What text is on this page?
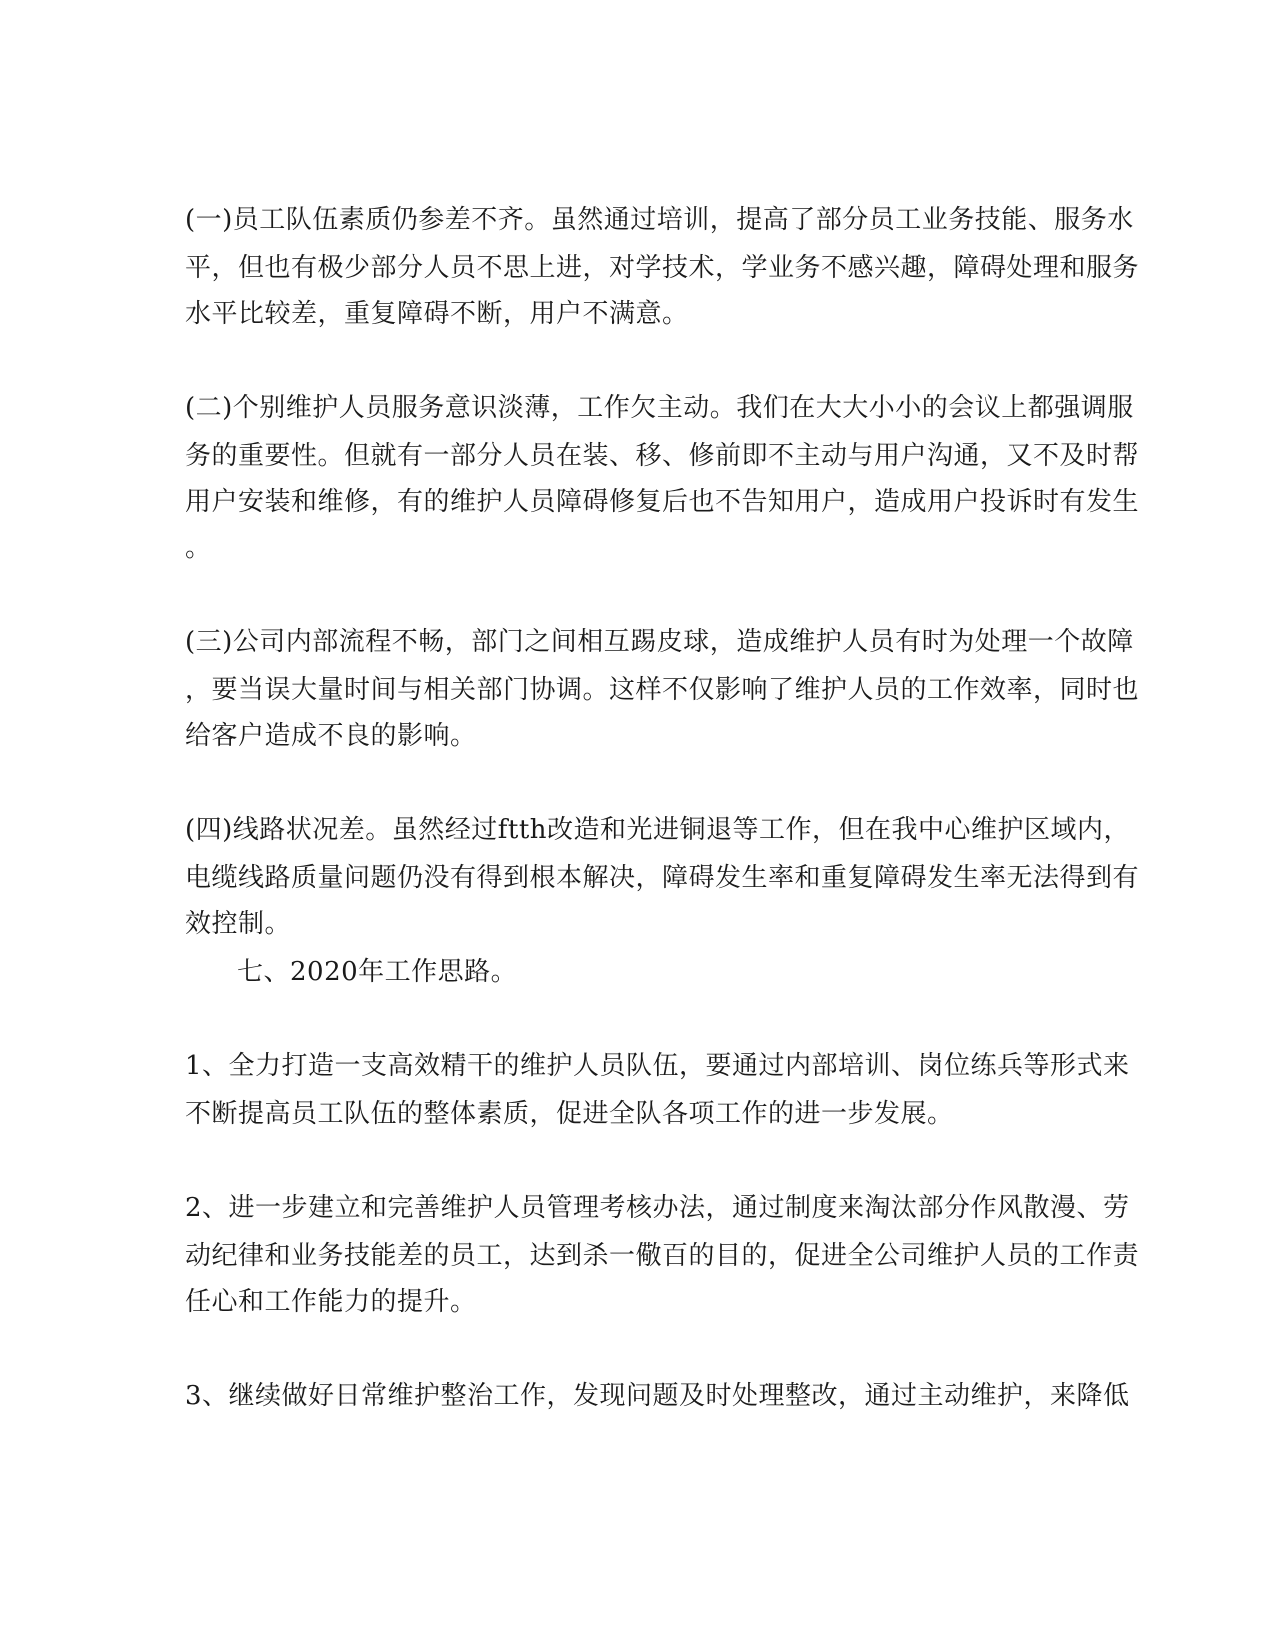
(一)员工队伍素质仍参差不齐。虽然通过培训，提高了部分员工业务技能、服务水
平，但也有极少部分人员不思上进，对学技术，学业务不感兴趣，障碍处理和服务
水平比较差，重复障碍不断，用户不满意。
(二)个别维护人员服务意识淡薄，工作欠主动。我们在大大小小的会议上都强调服
务的重要性。但就有一部分人员在装、移、修前即不主动与用户沟通，又不及时帮
用户安装和维修，有的维护人员障碍修复后也不告知用户，造成用户投诉时有发生
。
(三)公司内部流程不畅，部门之间相互踢皮球，造成维护人员有时为处理一个故障
，要当误大量时间与相关部门协调。这样不仅影响了维护人员的工作效率，同时也
给客户造成不良的影响。
(四)线路状况差。虽然经过ftth改造和光进铜退等工作，但在我中心维护区域内，
电缆线路质量问题仍没有得到根本解决，障碍发生率和重复障碍发生率无法得到有
效控制。
七、2020年工作思路。
1、全力打造一支高效精干的维护人员队伍，要通过内部培训、岗位练兵等形式来
不断提高员工队伍的整体素质，促进全队各项工作的进一步发展。
2、进一步建立和完善维护人员管理考核办法，通过制度来淘汰部分作风散漫、劳
动纪律和业务技能差的员工，达到杀一儆百的目的，促进全公司维护人员的工作责
任心和工作能力的提升。
3、继续做好日常维护整治工作，发现问题及时处理整改，通过主动维护，来降低
